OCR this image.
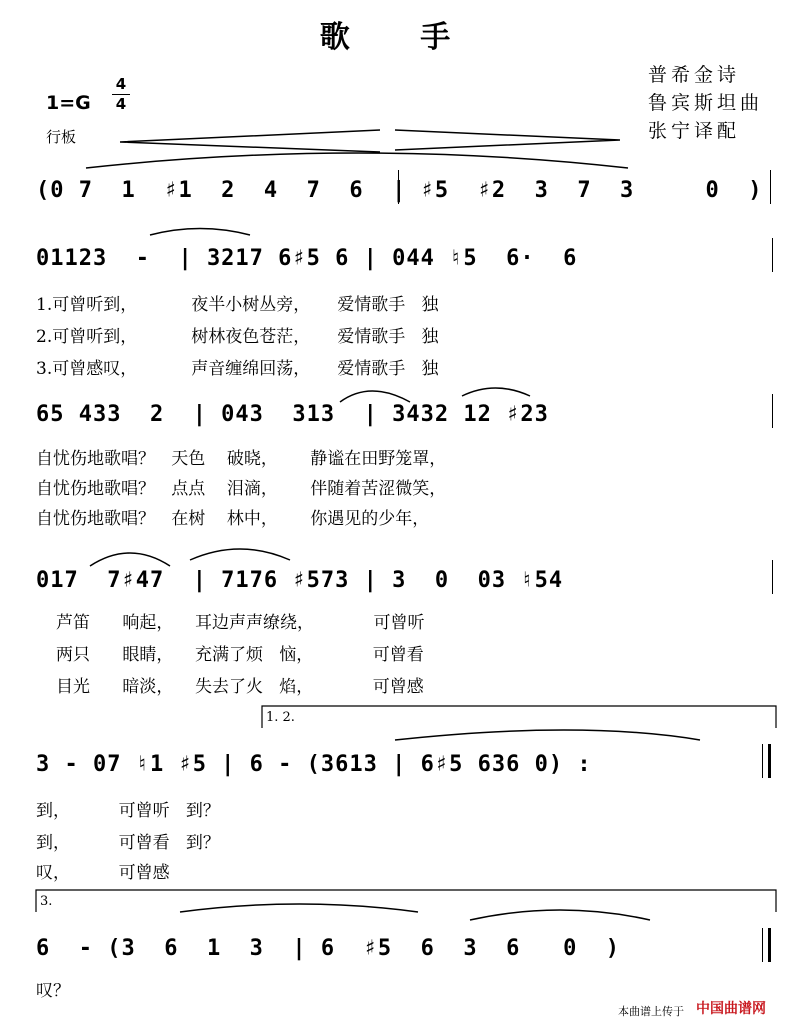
歌 手
普希金诗
鲁宾斯坦曲
张宁译配
1=G
4
4
行板
1. 2.
3.
(0 7  1  ♯1  2  4  7  6  | ♯5  ♯2  3  7  3     0  )
01123  -  | 3217 6♯5 6 | 044 ♮5  6·  6
1.可曾听到，          夜半小树丛旁，     爱情歌手   独
2.可曾听到，          树林夜色苍茫，     爱情歌手   独
3.可曾感叹，          声音缠绵回荡，     爱情歌手   独
65 433  2  | 043  313  | 3432 12 ♯23
自忧伤地歌唱？   天色    破晓，      静谧在田野笼罩，
自忧伤地歌唱？   点点    泪滴，      伴随着苦涩微笑，
自忧伤地歌唱？   在树    林中，      你遇见的少年，
017  7♯47  | 7176 ♯573 | 3  0  03 ♮54
芦笛      响起，    耳边声声缭绕，           可曾听
两只      眼睛，    充满了烦   恼，           可曾看
目光      暗淡，    失去了火   焰，           可曾感
3 - 07 ♮1 ♯5 | 6 - (3613 | 6♯5 636 0) :
到，         可曾听   到？
到，         可曾看   到？
叹，         可曾感
6  - (3  6  1  3  | 6  ♯5  6  3  6   0  )
叹？
本曲谱上传于 中国曲谱网
